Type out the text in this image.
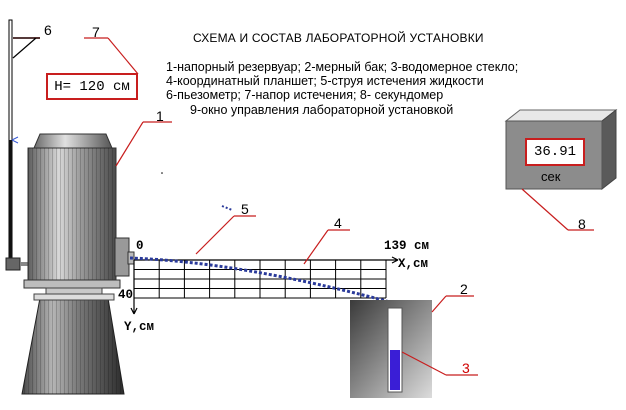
СХЕМА И СОСТАВ ЛАБОРАТОРНОЙ УСТАНОВКИ
1-напорный резервуар; 2-мерный бак; 3-водомерное стекло;
4-координатный планшет; 5-струя истечения жидкости
6-пьезометр; 7-напор истечения; 8- секундомер
9-окно управления лабораторной установкой
H= 120 см
36.91
сек
0	139 см
X,см
40
Y,см
6	7
1
5
4
2
3
8
